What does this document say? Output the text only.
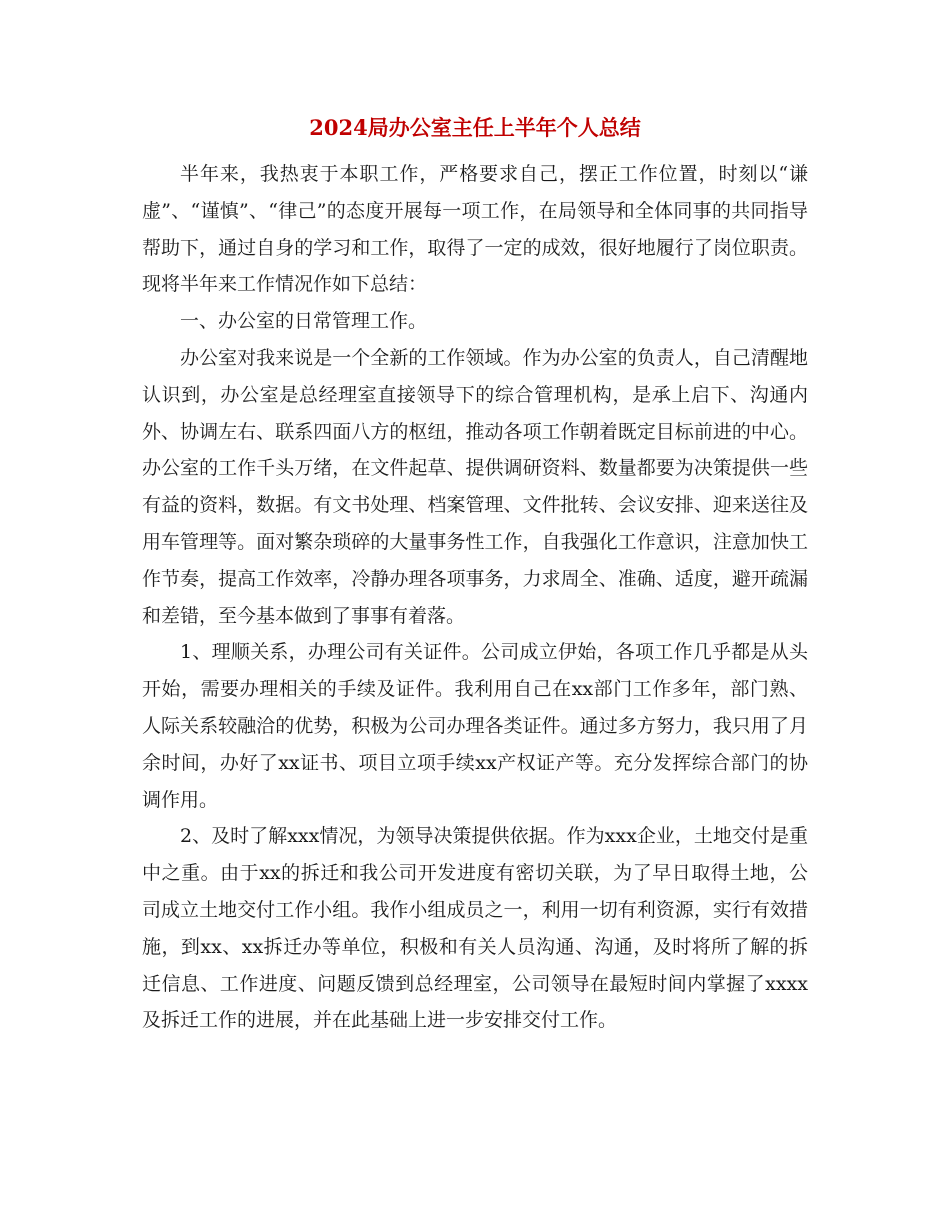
2024局办公室主任上半年个人总结

半年来，我热衷于本职工作，严格要求自己，摆正工作位置，时刻以“谦虚”、“谨慎”、“律己”的态度开展每一项工作，在局领导和全体同事的共同指导帮助下，通过自身的学习和工作，取得了一定的成效，很好地履行了岗位职责。现将半年来工作情况作如下总结：

一、办公室的日常管理工作。

办公室对我来说是一个全新的工作领域。作为办公室的负责人，自己清醒地认识到，办公室是总经理室直接领导下的综合管理机构，是承上启下、沟通内外、协调左右、联系四面八方的枢纽，推动各项工作朝着既定目标前进的中心。办公室的工作千头万绪，在文件起草、提供调研资料、数量都要为决策提供一些有益的资料，数据。有文书处理、档案管理、文件批转、会议安排、迎来送往及用车管理等。面对繁杂琐碎的大量事务性工作，自我强化工作意识，注意加快工作节奏，提高工作效率，冷静办理各项事务，力求周全、准确、适度，避开疏漏和差错，至今基本做到了事事有着落。

1、理顺关系，办理公司有关证件。公司成立伊始，各项工作几乎都是从头开始，需要办理相关的手续及证件。我利用自己在xx部门工作多年，部门熟、人际关系较融洽的优势，积极为公司办理各类证件。通过多方努力，我只用了月余时间，办好了xx证书、项目立项手续xx产权证产等。充分发挥综合部门的协调作用。

2、及时了解xxx情况，为领导决策提供依据。作为xxx企业，土地交付是重中之重。由于xx的拆迁和我公司开发进度有密切关联，为了早日取得土地，公司成立土地交付工作小组。我作小组成员之一，利用一切有利资源，实行有效措施，到xx、xx拆迁办等单位，积极和有关人员沟通、沟通，及时将所了解的拆迁信息、工作进度、问题反馈到总经理室，公司领导在最短时间内掌握了xxxx及拆迁工作的进展，并在此基础上进一步安排交付工作。
